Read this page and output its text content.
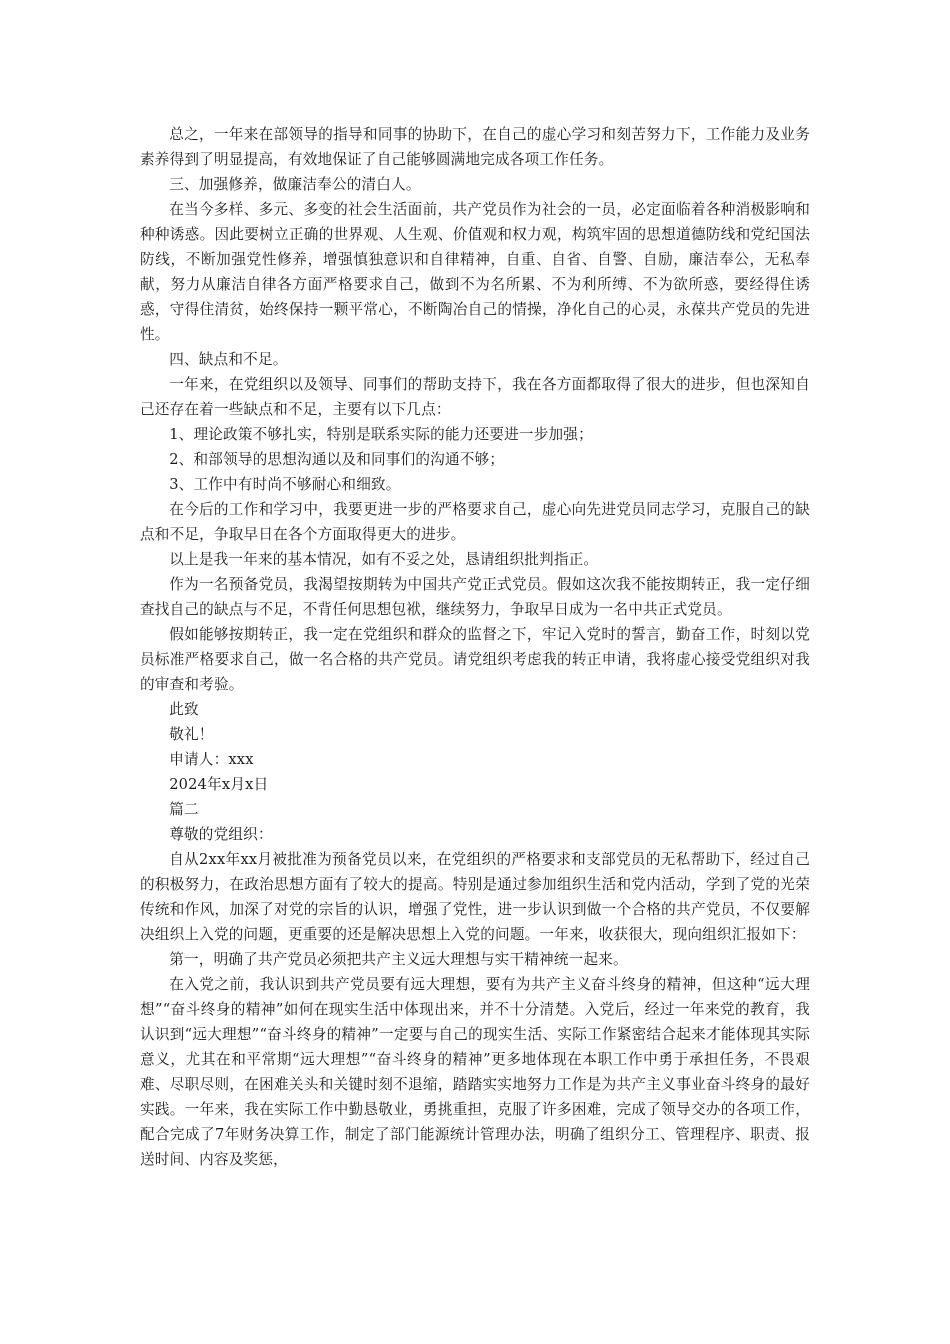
总之，一年来在部领导的指导和同事的协助下，在自己的虚心学习和刻苦努力下，工作能力及业务素养得到了明显提高，有效地保证了自己能够圆满地完成各项工作任务。

三、加强修养，做廉洁奉公的清白人。

在当今多样、多元、多变的社会生活面前，共产党员作为社会的一员，必定面临着各种消极影响和种种诱惑。因此要树立正确的世界观、人生观、价值观和权力观，构筑牢固的思想道德防线和党纪国法防线，不断加强党性修养，增强慎独意识和自律精神，自重、自省、自警、自励，廉洁奉公，无私奉献，努力从廉洁自律各方面严格要求自己，做到不为名所累、不为利所缚、不为欲所惑，要经得住诱惑，守得住清贫，始终保持一颗平常心，不断陶冶自己的情操，净化自己的心灵，永葆共产党员的先进性。

四、缺点和不足。

一年来，在党组织以及领导、同事们的帮助支持下，我在各方面都取得了很大的进步，但也深知自己还存在着一些缺点和不足，主要有以下几点：

1、理论政策不够扎实，特别是联系实际的能力还要进一步加强；

2、和部领导的思想沟通以及和同事们的沟通不够；

3、工作中有时尚不够耐心和细致。

在今后的工作和学习中，我要更进一步的严格要求自己，虚心向先进党员同志学习，克服自己的缺点和不足，争取早日在各个方面取得更大的进步。

以上是我一年来的基本情况，如有不妥之处，恳请组织批判指正。

作为一名预备党员，我渴望按期转为中国共产党正式党员。假如这次我不能按期转正，我一定仔细查找自己的缺点与不足，不背任何思想包袱，继续努力，争取早日成为一名中共正式党员。

假如能够按期转正，我一定在党组织和群众的监督之下，牢记入党时的誓言，勤奋工作，时刻以党员标准严格要求自己，做一名合格的共产党员。请党组织考虑我的转正申请，我将虚心接受党组织对我的审查和考验。

此致

敬礼！

申请人：xxx

2024年x月x日

篇二

尊敬的党组织：

自从2xx年xx月被批准为预备党员以来，在党组织的严格要求和支部党员的无私帮助下，经过自己的积极努力，在政治思想方面有了较大的提高。特别是通过参加组织生活和党内活动，学到了党的光荣传统和作风，加深了对党的宗旨的认识，增强了党性，进一步认识到做一个合格的共产党员，不仅要解决组织上入党的问题，更重要的还是解决思想上入党的问题。一年来，收获很大，现向组织汇报如下：

第一，明确了共产党员必须把共产主义远大理想与实干精神统一起来。

在入党之前，我认识到共产党员要有远大理想，要有为共产主义奋斗终身的精神，但这种“远大理想”“奋斗终身的精神”如何在现实生活中体现出来，并不十分清楚。入党后，经过一年来党的教育，我认识到“远大理想”“奋斗终身的精神”一定要与自己的现实生活、实际工作紧密结合起来才能体现其实际意义，尤其在和平常期“远大理想”“奋斗终身的精神”更多地体现在本职工作中勇于承担任务，不畏艰难、尽职尽则，在困难关头和关键时刻不退缩，踏踏实实地努力工作是为共产主义事业奋斗终身的最好实践。一年来，我在实际工作中勤恳敬业，勇挑重担，克服了许多困难，完成了领导交办的各项工作，配合完成了7年财务决算工作，制定了部门能源统计管理办法，明确了组织分工、管理程序、职责、报送时间、内容及奖惩，
